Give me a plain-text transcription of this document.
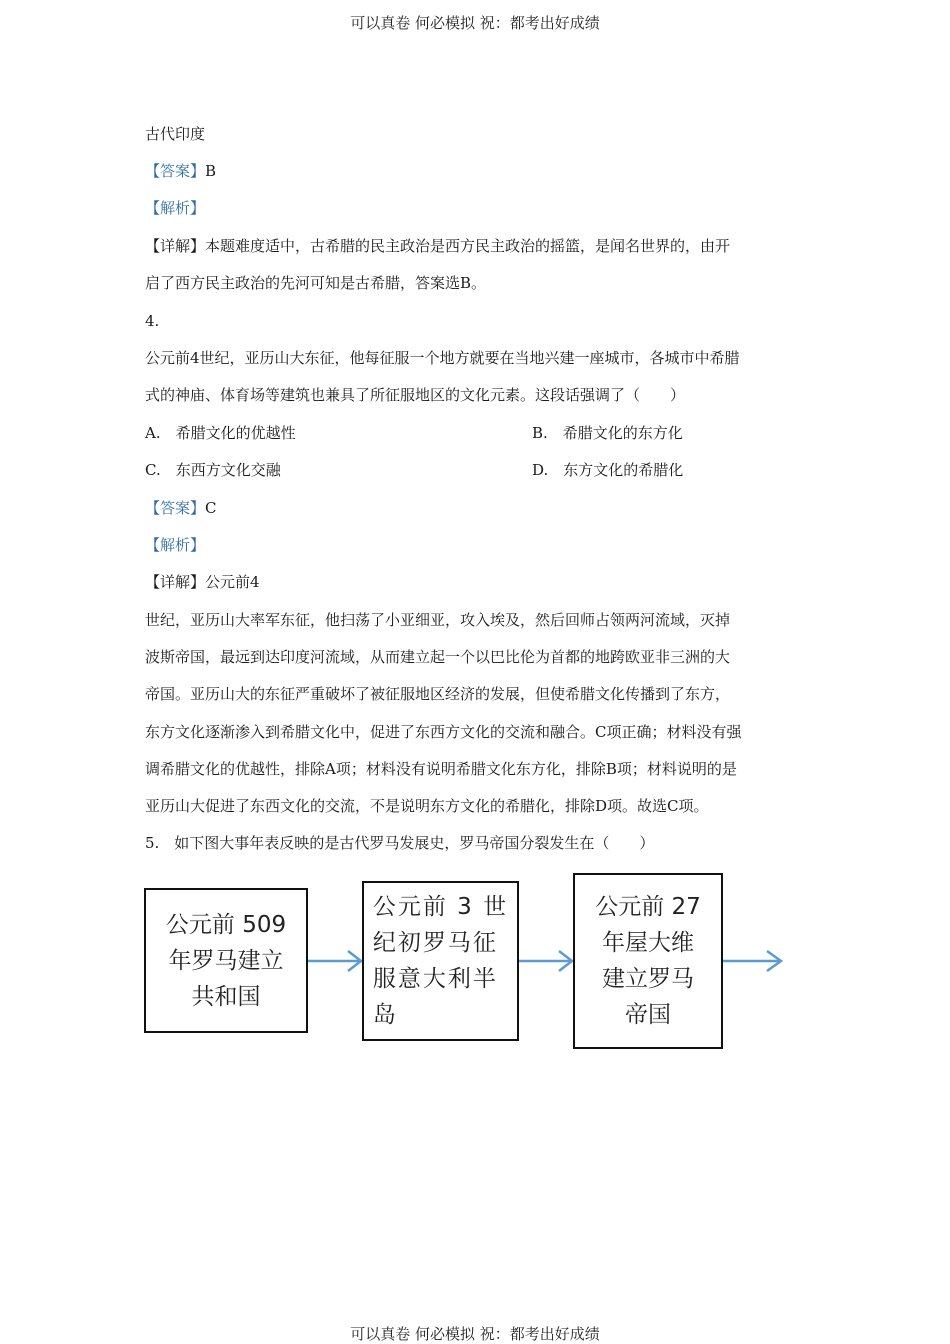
可以真卷 何必模拟 祝：都考出好成绩
古代印度
【答案】B
【解析】
【详解】本题难度适中，古希腊的民主政治是西方民主政治的摇篮，是闻名世界的，由开
启了西方民主政治的先河可知是古希腊，答案选B。
4.
公元前4世纪，亚历山大东征，他每征服一个地方就要在当地兴建一座城市，各城市中希腊
式的神庙、体育场等建筑也兼具了所征服地区的文化元素。这段话强调了（　　）
A.　希腊文化的优越性	B.　希腊文化的东方化
C.　东西方文化交融	D.　东方文化的希腊化
【答案】C
【解析】
【详解】公元前4
世纪，亚历山大率军东征，他扫荡了小亚细亚，攻入埃及，然后回师占领两河流域，灭掉
波斯帝国，最远到达印度河流域，从而建立起一个以巴比伦为首都的地跨欧亚非三洲的大
帝国。亚历山大的东征严重破坏了被征服地区经济的发展，但使希腊文化传播到了东方，
东方文化逐渐渗入到希腊文化中，促进了东西方文化的交流和融合。C项正确；材料没有强
调希腊文化的优越性，排除A项；材料没有说明希腊文化东方化，排除B项；材料说明的是
亚历山大促进了东西文化的交流，不是说明东方文化的希腊化，排除D项。故选C项。
5.　如下图大事年表反映的是古代罗马发展史，罗马帝国分裂发生在（　　）
公元前 509
年罗马建立
共和国
公元前 3 世
纪初罗马征
服意大利半
岛
公元前 27
年屋大维
建立罗马
帝国
可以真卷 何必模拟 祝：都考出好成绩
